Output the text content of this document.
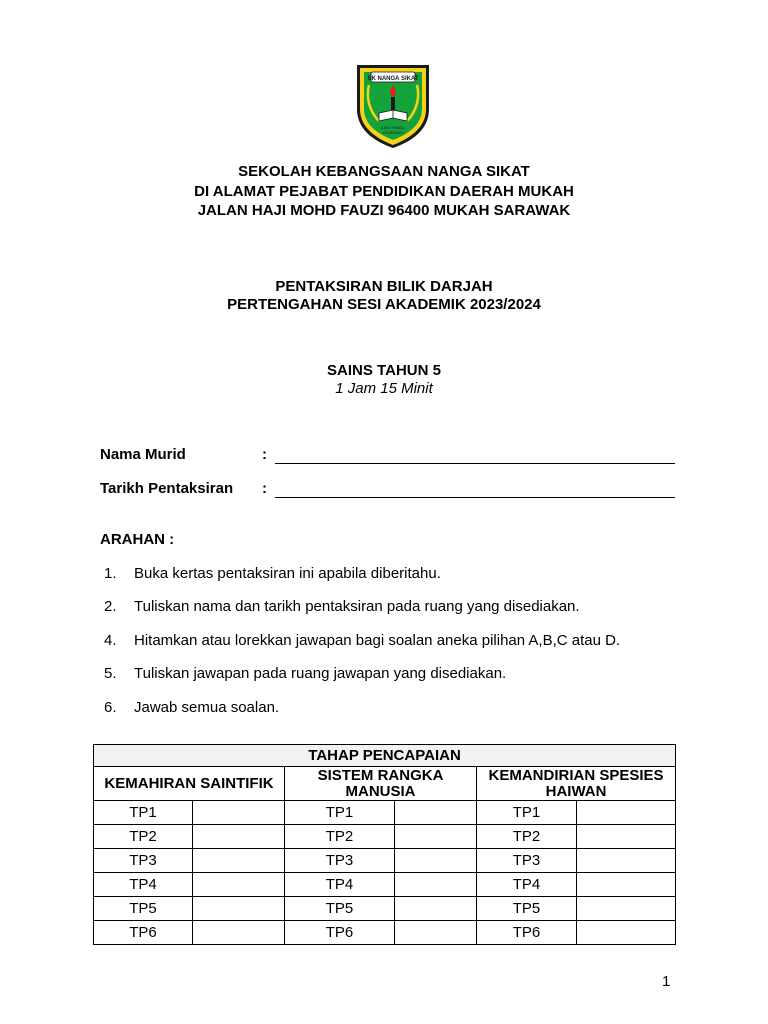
SK NANGA SIKAT
ILMU PANDU
KEJAYAAN
SEKOLAH KEBANGSAAN NANGA SIKAT
DI ALAMAT PEJABAT PENDIDIKAN DAERAH MUKAH
JALAN HAJI MOHD FAUZI 96400 MUKAH SARAWAK
PENTAKSIRAN BILIK DARJAH
PERTENGAHAN SESI AKADEMIK 2023/2024
SAINS TAHUN 5
1 Jam 15 Minit
Nama Murid	:
Tarikh Pentaksiran :
ARAHAN :
1. Buka kertas pentaksiran ini apabila diberitahu.
2. Tuliskan nama dan tarikh pentaksiran pada ruang yang disediakan.
4. Hitamkan atau lorekkan jawapan bagi soalan aneka pilihan A,B,C atau D.
5. Tuliskan jawapan pada ruang jawapan yang disediakan.
6. Jawab semua soalan.
TAHAP PENCAPAIAN					
KEMAHIRAN SAINTIFIK		SISTEM RANGKA MANUSIA		KEMANDIRIAN SPESIES HAIWAN	
TP1		TP1		TP1	
TP2		TP2		TP2	
TP3		TP3		TP3	
TP4		TP4		TP4	
TP5		TP5		TP5	
TP6		TP6		TP6	
1
